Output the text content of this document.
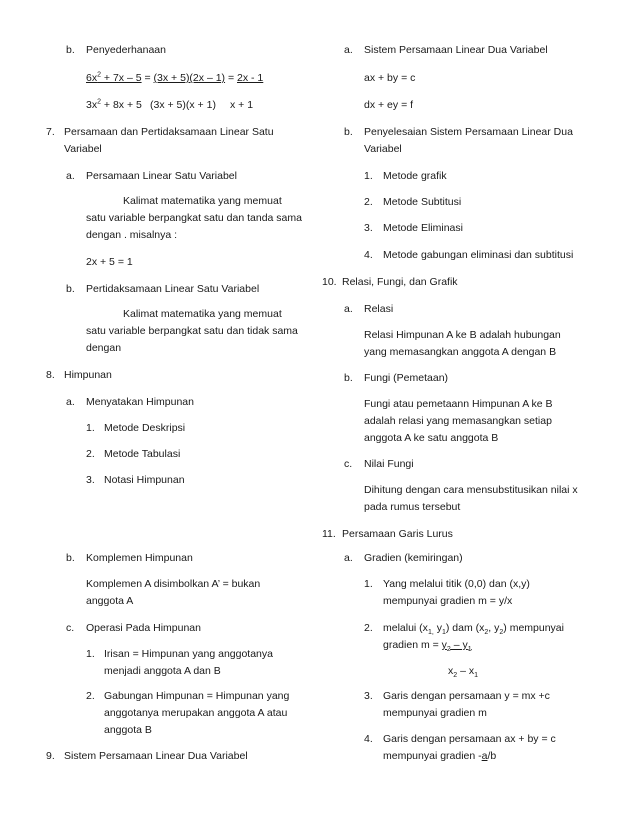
b. Penyederhanaan
$6x^2 + 7x - 5 = (3x + 5)(2x - 1) = 2x - 1$
$3x^2 + 8x + 5$ (3x + 5)(x + 1) x + 1
7. Persamaan dan Pertidaksamaan Linear Satu
Variabel
a. Persamaan Linear Satu Variabel
Kalimat matematika yang memuat
satu variable berpangkat satu dan tanda sama
dengan . misalnya :
2x + 5 = 1
b. Pertidaksamaan Linear Satu Variabel
Kalimat matematika yang memuat
satu variable berpangkat satu dan tidak sama
dengan
8. Himpunan
a. Menyatakan Himpunan
1. Metode Deskripsi
2. Metode Tabulasi
3. Notasi Himpunan
b. Komplemen Himpunan
Komplemen A disimbolkan A’ = bukan
anggota A
c. Operasi Pada Himpunan
1. Irisan = Himpunan yang anggotanya
menjadi anggota A dan B
2. Gabungan Himpunan = Himpunan yang
anggotanya merupakan anggota A atau
anggota B
9. Sistem Persamaan Linear Dua Variabel
a. Sistem Persamaan Linear Dua Variabel
ax + by = c
dx + ey = f
b. Penyelesaian Sistem Persamaan Linear Dua
Variabel
1. Metode grafik
2. Metode Subtitusi
3. Metode Eliminasi
4. Metode gabungan eliminasi dan subtitusi
10. Relasi, Fungi, dan Grafik
a. Relasi
Relasi Himpunan A ke B adalah hubungan
yang memasangkan anggota A dengan B
b. Fungi (Pemetaan)
Fungi atau pemetaann Himpunan A ke B
adalah relasi yang memasangkan setiap
anggota A ke satu anggota B
c. Nilai Fungi
Dihitung dengan cara mensubstitusikan nilai x
pada rumus tersebut
11. Persamaan Garis Lurus
a. Gradien (kemiringan)
1. Yang melalui titik (0,0) dan (x,y)
mempunyai gradien m = y/x
2. melalui ($x_{1,}$ $y_1$) dam ($x_2$, $y_2$) mempunyai
gradien $m = y_2 - y_1$
$x_2 - x_1$
3. Garis dengan persamaan y = mx +c
mempunyai gradien m
4. Garis dengan persamaan ax + by = c
mempunyai gradien -a/b
